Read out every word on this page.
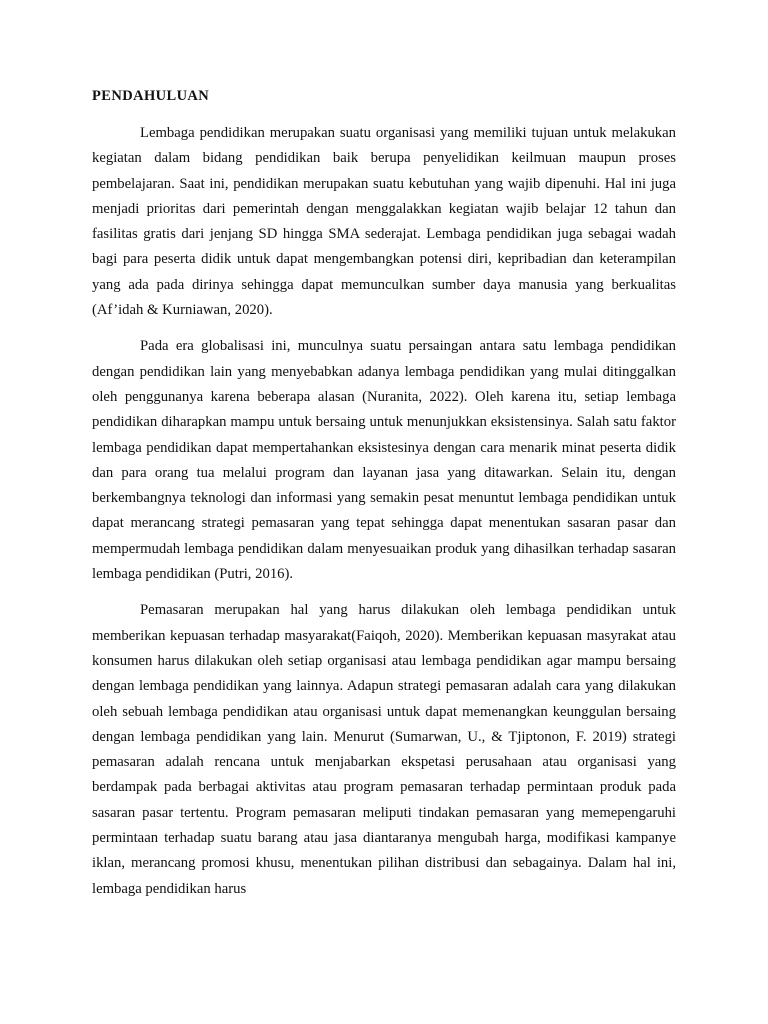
PENDAHULUAN

Lembaga pendidikan merupakan suatu organisasi yang memiliki tujuan untuk melakukan kegiatan dalam bidang pendidikan baik berupa penyelidikan keilmuan maupun proses pembelajaran. Saat ini, pendidikan merupakan suatu kebutuhan yang wajib dipenuhi. Hal ini juga menjadi prioritas dari pemerintah dengan menggalakkan kegiatan wajib belajar 12 tahun dan fasilitas gratis dari jenjang SD hingga SMA sederajat. Lembaga pendidikan juga sebagai wadah bagi para peserta didik untuk dapat mengembangkan potensi diri, kepribadian dan keterampilan yang ada pada dirinya sehingga dapat memunculkan sumber daya manusia yang berkualitas (Af’idah & Kurniawan, 2020).

Pada era globalisasi ini, munculnya suatu persaingan antara satu lembaga pendidikan dengan pendidikan lain yang menyebabkan adanya lembaga pendidikan yang mulai ditinggalkan oleh penggunanya karena beberapa alasan (Nuranita, 2022). Oleh karena itu, setiap lembaga pendidikan diharapkan mampu untuk bersaing untuk menunjukkan eksistensinya. Salah satu faktor lembaga pendidikan dapat mempertahankan eksistesinya dengan cara menarik minat peserta didik dan para orang tua melalui program dan layanan jasa yang ditawarkan. Selain itu, dengan berkembangnya teknologi dan informasi yang semakin pesat menuntut lembaga pendidikan untuk dapat merancang strategi pemasaran yang tepat sehingga dapat menentukan sasaran pasar dan mempermudah lembaga pendidikan dalam menyesuaikan produk yang dihasilkan terhadap sasaran lembaga pendidikan (Putri, 2016).

Pemasaran merupakan hal yang harus dilakukan oleh lembaga pendidikan untuk memberikan kepuasan terhadap masyarakat(Faiqoh, 2020). Memberikan kepuasan masyrakat atau konsumen harus dilakukan oleh setiap organisasi atau lembaga pendidikan agar mampu bersaing dengan lembaga pendidikan yang lainnya. Adapun strategi pemasaran adalah cara yang dilakukan oleh sebuah lembaga pendidikan atau organisasi untuk dapat memenangkan keunggulan bersaing dengan lembaga pendidikan yang lain. Menurut (Sumarwan, U., & Tjiptonon, F. 2019) strategi pemasaran adalah rencana untuk menjabarkan ekspetasi perusahaan atau organisasi yang berdampak pada berbagai aktivitas atau program pemasaran terhadap permintaan produk pada sasaran pasar tertentu. Program pemasaran meliputi tindakan pemasaran yang memepengaruhi permintaan terhadap suatu barang atau jasa diantaranya mengubah harga, modifikasi kampanye iklan, merancang promosi khusu, menentukan pilihan distribusi dan sebagainya. Dalam hal ini, lembaga pendidikan harus
